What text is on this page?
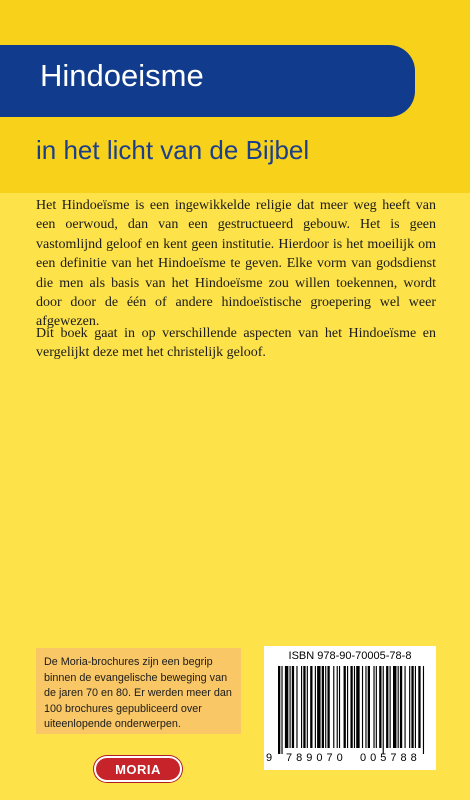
Hindoeisme
in het licht van de Bijbel

Het Hindoeïsme is een ingewikkelde religie dat meer weg heeft van een oerwoud, dan van een gestructueerd gebouw. Het is geen vastomlijnd geloof en kent geen institutie. Hierdoor is het moeilijk om een definitie van het Hindoeïsme te geven. Elke vorm van godsdienst die men als basis van het Hindoeïsme zou willen toekennen, wordt door door de één of andere hindoeïstische groepering wel weer afgewezen.

Dit boek gaat in op verschillende aspecten van het Hindoeïsme en vergelijkt deze met het christelijk geloof.

De Moria-brochures zijn een begrip binnen de evangelische beweging van de jaren 70 en 80. Er werden meer dan 100 brochures gepubliceerd over uiteenlopende onderwerpen.
ISBN 978-90-70005-78-8
9 789070 005788
MORIA
